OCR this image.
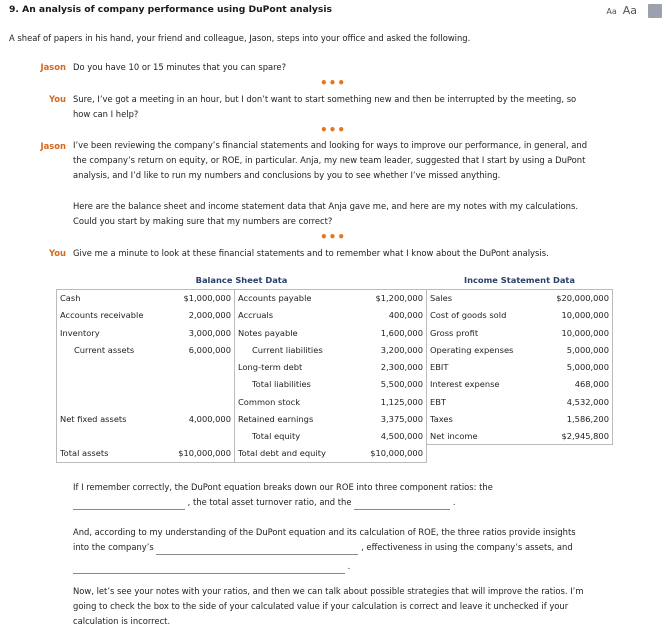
9. An analysis of company performance using DuPont analysis	Aa Aa
A sheaf of papers in his hand, your friend and colleague, Jason, steps into your office and asked the following.
Jason Do you have 10 or 15 minutes that you can spare?
•••
You Sure, I’ve got a meeting in an hour, but I don’t want to start something new and then be interrupted by the meeting, so
how can I help?
•••
Jason I’ve been reviewing the company’s financial statements and looking for ways to improve our performance, in general, and
the company’s return on equity, or ROE, in particular. Anja, my new team leader, suggested that I start by using a DuPont
analysis, and I’d like to run my numbers and conclusions by you to see whether I’ve missed anything.
Here are the balance sheet and income statement data that Anja gave me, and here are my notes with my calculations.
Could you start by making sure that my numbers are correct?
•••
You Give me a minute to look at these financial statements and to remember what I know about the DuPont analysis.
Balance Sheet Data				Income Statement Data	
Cash	$1,000,000	Accounts payable	$1,200,000	Sales	$20,000,000
Accounts receivable	2,000,000	Accruals	400,000	Cost of goods sold	10,000,000
Inventory	3,000,000	Notes payable	1,600,000	Gross profit	10,000,000
Current assets	6,000,000	Current liabilities	3,200,000	Operating expenses	5,000,000
		Long-term debt	2,300,000	EBIT	5,000,000
		Total liabilities	5,500,000	Interest expense	468,000
		Common stock	1,125,000	EBT	4,532,000
Net fixed assets	4,000,000	Retained earnings	3,375,000	Taxes	1,586,200
		Total equity	4,500,000	Net income	$2,945,800
Total assets	$10,000,000	Total debt and equity	$10,000,000		
If I remember correctly, the DuPont equation breaks down our ROE into three component ratios: the
, the total asset turnover ratio, and the	.
And, according to my understanding of the DuPont equation and its calculation of ROE, the three ratios provide insights
into the company’s	, effectiveness in using the company’s assets, and
.
Now, let’s see your notes with your ratios, and then we can talk about possible strategies that will improve the ratios. I’m
going to check the box to the side of your calculated value if your calculation is correct and leave it unchecked if your
calculation is incorrect.
